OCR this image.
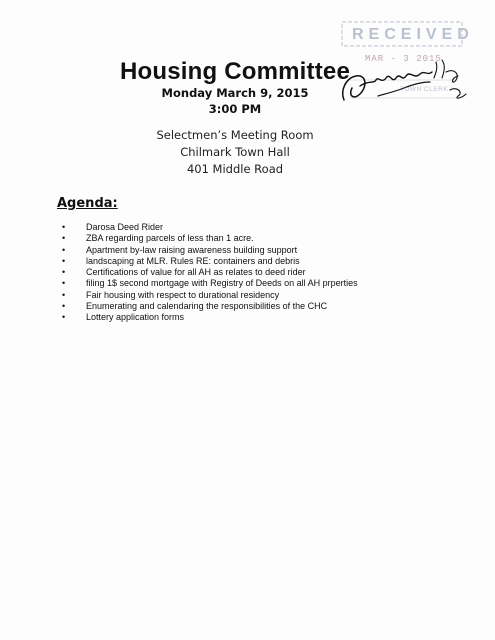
RECEIVED
MAR - 3 2015
TOWN CLERK
Housing Committee
Monday March 9, 2015
3:00 PM
Selectmen’s Meeting Room
Chilmark Town Hall
401 Middle Road
Agenda:
• Darosa Deed Rider
• ZBA regarding parcels of less than 1 acre.
• Apartment by-law raising awareness building support
• landscaping at MLR. Rules RE: containers and debris
• Certifications of value for all AH as relates to deed rider
• filing 1$ second mortgage with Registry of Deeds on all AH prperties
• Fair housing with respect to durational residency
• Enumerating and calendaring the responsibilities of the CHC
• Lottery application forms
